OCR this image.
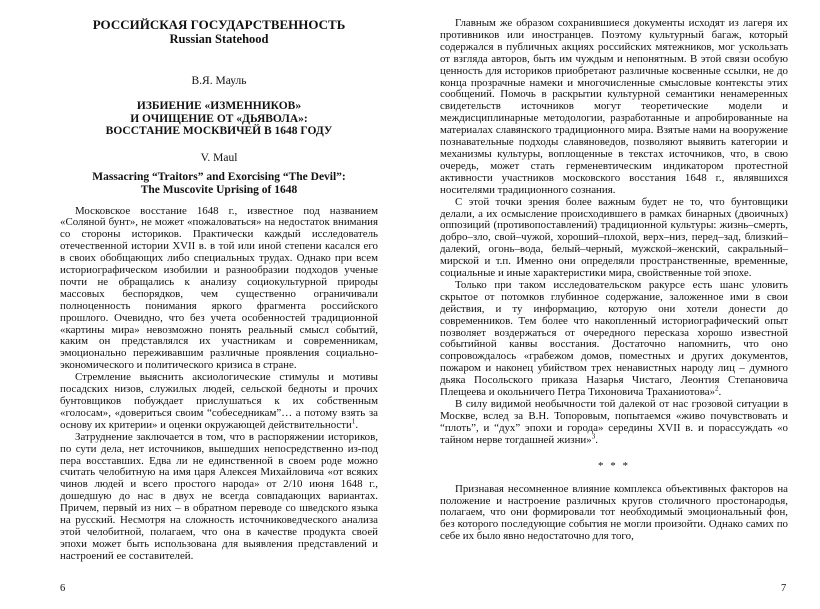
РОССИЙСКАЯ ГОСУДАРСТВЕННОСТЬ
Russian Statehood
В.Я. Мауль
ИЗБИЕНИЕ «ИЗМЕННИКОВ»
И ОЧИЩЕНИЕ ОТ «ДЬЯВОЛА»:
ВОССТАНИЕ МОСКВИЧЕЙ В 1648 ГОДУ
V. Maul
Massacring “Traitors” and Exorcising “The Devil”:
The Muscovite Uprising of 1648

Московское восстание 1648 г., известное под названием «Соляной бунт», не может «пожаловаться» на недостаток внимания со стороны историков. Практически каждый исследователь отечественной истории XVII в. в той или иной степени касался его в своих обобщающих либо специальных трудах. Однако при всем историографическом изобилии и разнообразии подходов ученые почти не обращались к анализу социокультурной природы массовых беспорядков, чем существенно ограничивали полноценность понимания яркого фрагмента российского прошлого. Очевидно, что без учета особенностей традиционной «картины мира» невозможно понять реальный смысл событий, каким он представлялся их участникам и современникам, эмоционально переживавшим различные проявления социально-экономического и политического кризиса в стране.

Стремление выяснить аксиологические стимулы и мотивы посадских низов, служилых людей, сельской бедноты и прочих бунтовщиков побуждает прислушаться к их собственным «голосам», «довериться своим “собеседникам”… а потому взять за основу их критерии» и оценки окружающей действительности$^1$.

Затруднение заключается в том, что в распоряжении историков, по сути дела, нет источников, вышедших непосредственно из-под пера восставших. Едва ли не единственной в своем роде можно считать челобитную на имя царя Алексея Михайловича «от всяких чинов людей и всего простого народа» от 2/10 июня 1648 г., дошедшую до нас в двух не всегда совпадающих вариантах. Причем, первый из них – в обратном переводе со шведского языка на русский. Несмотря на сложность источниковедческого анализа этой челобитной, полагаем, что она в качестве продукта своей эпохи может быть использована для выявления представлений и настроений ее составителей.

Главным же образом сохранившиеся документы исходят из лагеря их противников или иностранцев. Поэтому культурный багаж, который содержался в публичных акциях российских мятежников, мог ускользать от взгляда авторов, быть им чуждым и непонятным. В этой связи особую ценность для историков приобретают различные косвенные ссылки, не до конца прозрачные намеки и многочисленные смысловые контексты этих сообщений. Помочь в раскрытии культурной семантики ненамеренных свидетельств источников могут теоретические модели и междисциплинарные методологии, разработанные и апробированные на материалах славянского традиционного мира. Взятые нами на вооружение познавательные подходы славяноведов, позволяют выявить категории и механизмы культуры, воплощенные в текстах источников, что, в свою очередь, может стать герменевтическим индикатором протестной активности участников московского восстания 1648 г., являвшихся носителями традиционного сознания.

С этой точки зрения более важным будет не то, что бунтовщики делали, а их осмысление происходившего в рамках бинарных (двоичных) оппозиций (противопоставлений) традиционной культуры: жизнь–смерть, добро–зло, свой–чужой, хороший–плохой, верх–низ, перед–зад, близкий–далекий, огонь–вода, белый–черный, мужской–женский, сакральный–мирской и т.п. Именно они определяли пространственные, временные, социальные и иные характеристики мира, свойственные той эпохе.

Только при таком исследовательском ракурсе есть шанс уловить скрытое от потомков глубинное содержание, заложенное ими в свои действия, и ту информацию, которую они хотели донести до современников. Тем более что накопленный историографический опыт позволяет воздержаться от очередного пересказа хорошо известной событийной канвы восстания. Достаточно напомнить, что оно сопровождалось «грабежом домов, поместных и других документов, пожаром и наконец убийством трех ненавистных народу лиц – думного дьяка Посольского приказа Назарья Чистаго, Леонтия Степановича Плещеева и окольничего Петра Тихоновича Траханиотова»$^2$.

В силу видимой необычности той далекой от нас грозовой ситуации в Москве, вслед за В.Н. Топоровым, попытаемся «живо почувствовать и “плоть”, и “дух” эпохи и города» середины XVII в. и порассуждать «о тайном нерве тогдашней жизни»$^3$.

* * *

Признавая несомненное влияние комплекса объективных факторов на положение и настроение различных кругов столичного простонародья, полагаем, что они формировали тот необходимый эмоциональный фон, без которого последующие события не могли произойти. Однако самих по себе их было явно недостаточно для того,

6	7
